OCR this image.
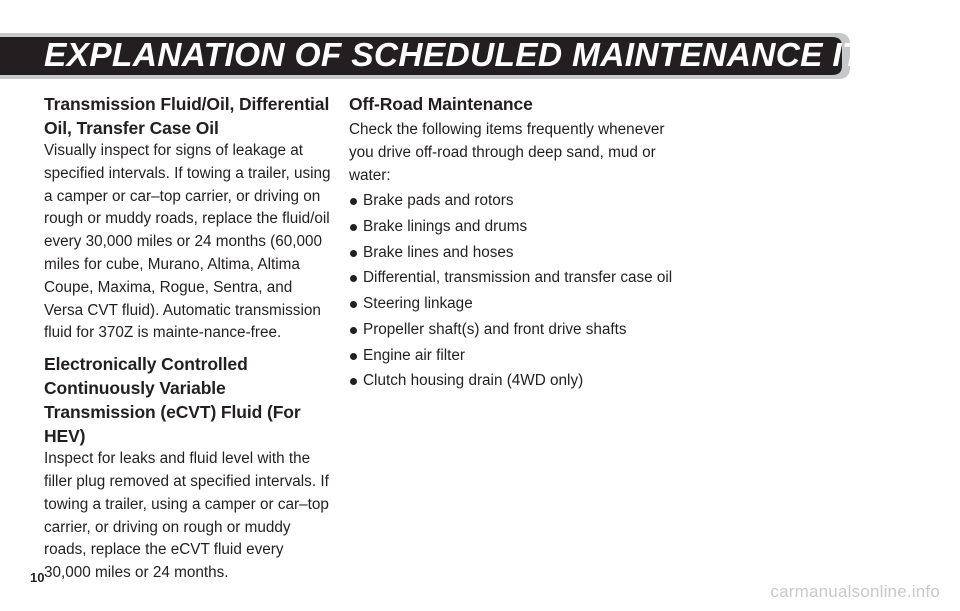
EXPLANATION OF SCHEDULED MAINTENANCE ITEMS
Transmission Fluid/Oil, Differential Oil, Transfer Case Oil

Visually inspect for signs of leakage at specified intervals. If towing a trailer, using a camper or car–top carrier, or driving on rough or muddy roads, replace the fluid/oil every 30,000 miles or 24 months (60,000 miles for cube, Murano, Altima, Altima Coupe, Maxima, Rogue, Sentra, and Versa CVT fluid). Automatic transmission fluid for 370Z is mainte-nance-free.

Electronically Controlled Continuously Variable Transmission (eCVT) Fluid (For HEV)

Inspect for leaks and fluid level with the filler plug removed at specified intervals. If towing a trailer, using a camper or car–top carrier, or driving on rough or muddy roads, replace the eCVT fluid every 30,000 miles or 24 months.

Off-Road Maintenance

Check the following items frequently whenever you drive off-road through deep sand, mud or water:

Brake pads and rotors
Brake linings and drums
Brake lines and hoses
Differential, transmission and transfer case oil
Steering linkage
Propeller shaft(s) and front drive shafts
Engine air filter
Clutch housing drain (4WD only)
10
carmanualsonline.info
